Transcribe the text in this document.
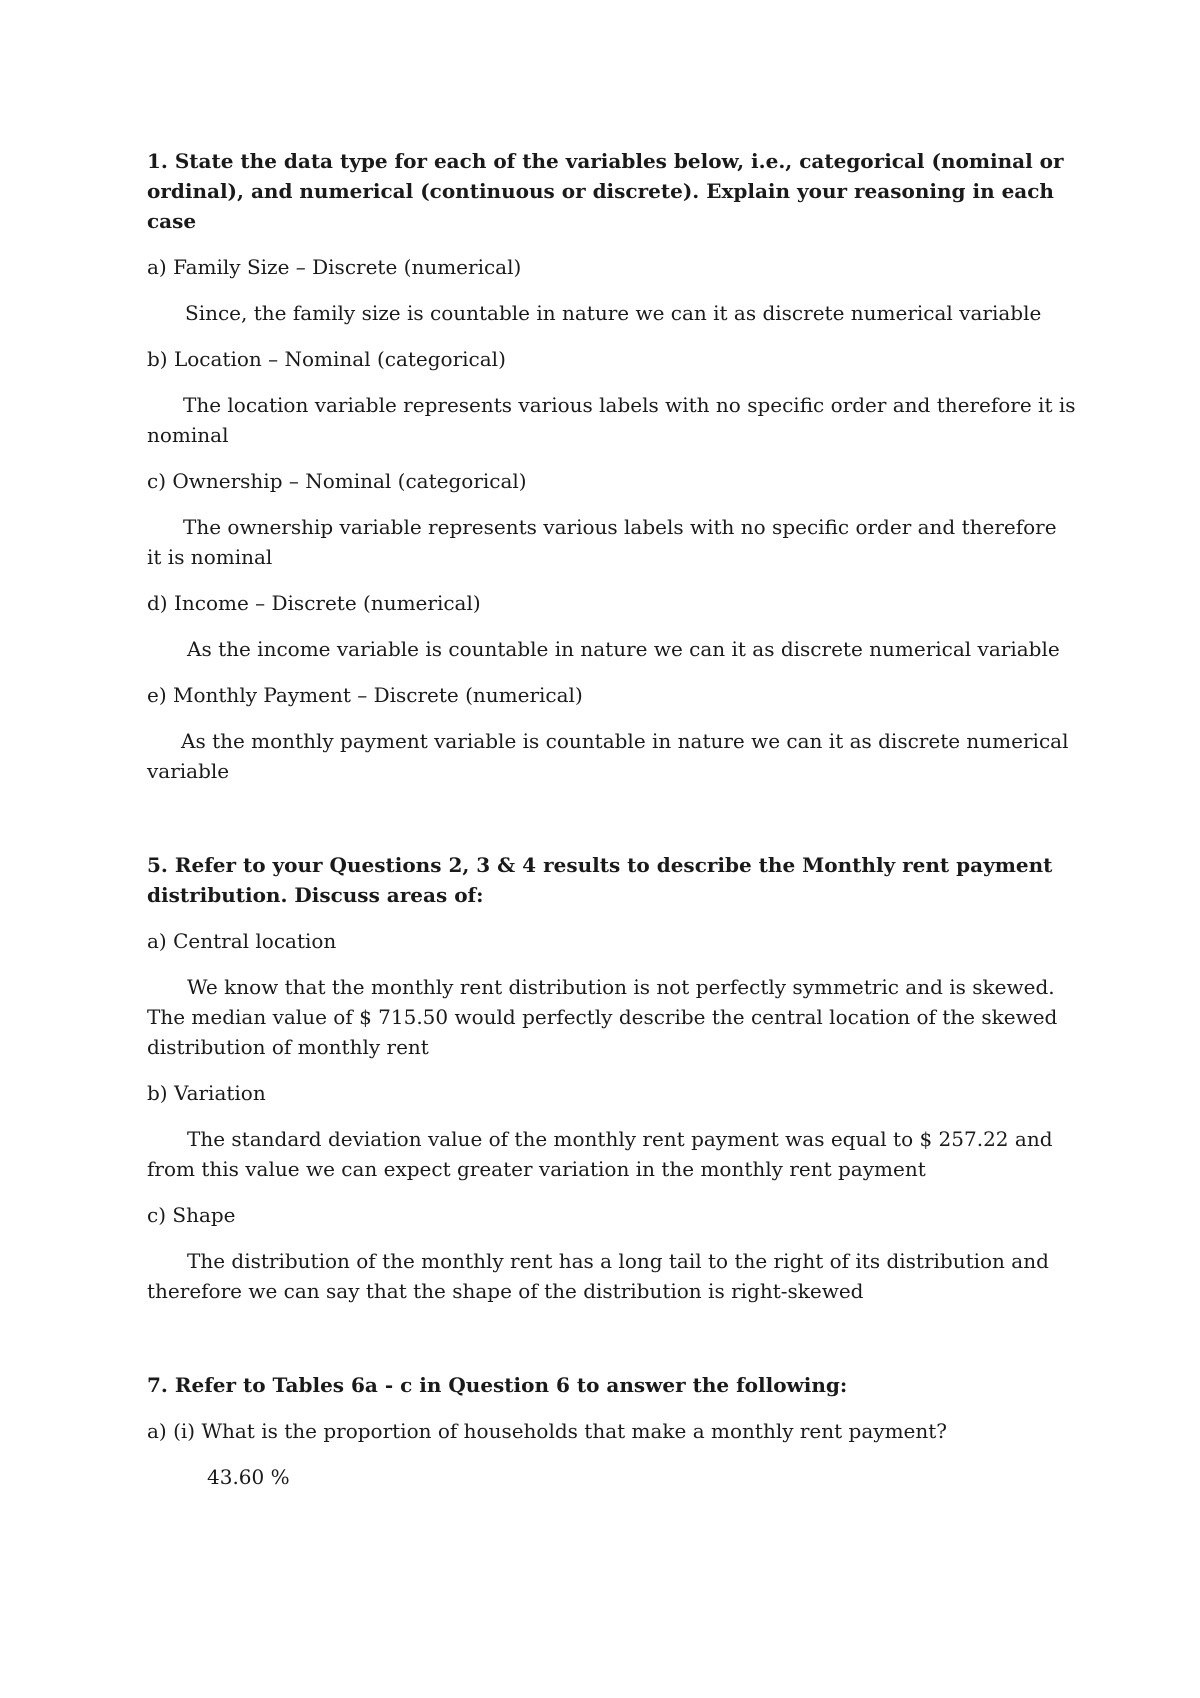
1. State the data type for each of the variables below, i.e., categorical (nominal or ordinal), and numerical (continuous or discrete). Explain your reasoning in each case

a) Family Size – Discrete (numerical)

Since, the family size is countable in nature we can it as discrete numerical variable

b) Location – Nominal (categorical)

The location variable represents various labels with no specific order and therefore it is nominal

c) Ownership – Nominal (categorical)

The ownership variable represents various labels with no specific order and therefore it is nominal

d) Income – Discrete (numerical)

As the income variable is countable in nature we can it as discrete numerical variable

e) Monthly Payment – Discrete (numerical)

As the monthly payment variable is countable in nature we can it as discrete numerical variable

5. Refer to your Questions 2, 3 & 4 results to describe the Monthly rent payment distribution. Discuss areas of:

a) Central location

We know that the monthly rent distribution is not perfectly symmetric and is skewed. The median value of $ 715.50 would perfectly describe the central location of the skewed distribution of monthly rent

b) Variation

The standard deviation value of the monthly rent payment was equal to $ 257.22 and from this value we can expect greater variation in the monthly rent payment

c) Shape

The distribution of the monthly rent has a long tail to the right of its distribution and therefore we can say that the shape of the distribution is right-skewed

7. Refer to Tables 6a - c in Question 6 to answer the following:

a) (i) What is the proportion of households that make a monthly rent payment?

43.60 %
